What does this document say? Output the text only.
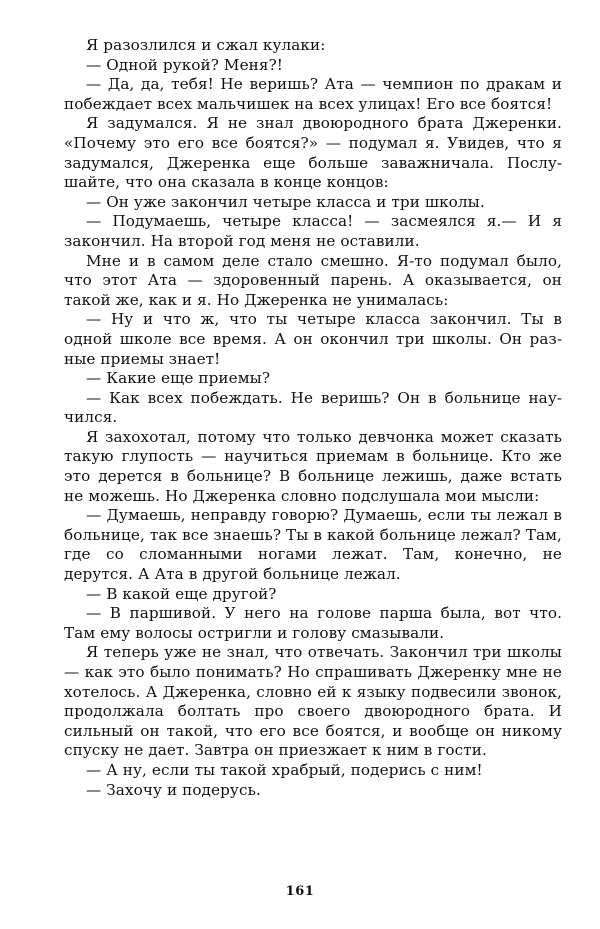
Я разозлился и сжал кулаки:

— Одной рукой? Меня?!

— Да, да, тебя! Не веришь? Ата — чемпион по дракам и побеждает всех мальчишек на всех улицах! Его все боятся!

Я задумался. Я не знал двоюродного брата Джеренки. «Почему это его все боятся?» — подумал я. Увидев, что я задумался, Джеренка еще больше заважничала. Послушайте, что она сказала в конце концов:

— Он уже закончил четыре класса и три школы.

— Подумаешь, четыре класса! — засмеялся я.— И я закончил. На второй год меня не оставили.

Мне и в самом деле стало смешно. Я-то подумал было, что этот Ата — здоровенный парень. А оказывается, он такой же, как и я. Но Джеренка не унималась:

— Ну и что ж, что ты четыре класса закончил. Ты в одной школе все время. А он окончил три школы. Он разные приемы знает!

— Какие еще приемы?

— Как всех побеждать. Не веришь? Он в больнице научился.

Я захохотал, потому что только девчонка может сказать такую глупость — научиться приемам в больнице. Кто же это дерется в больнице? В больнице лежишь, даже встать не можешь. Но Джеренка словно подслушала мои мысли:

— Думаешь, неправду говорю? Думаешь, если ты лежал в больнице, так все знаешь? Ты в какой больнице лежал? Там, где со сломанными ногами лежат. Там, конечно, не дерутся. А Ата в другой больнице лежал.

— В какой еще другой?

— В паршивой. У него на голове парша была, вот что. Там ему волосы остригли и голову смазывали.

Я теперь уже не знал, что отвечать. Закончил три школы — как это было понимать? Но спрашивать Джеренку мне не хотелось. А Джеренка, словно ей к языку подвесили звонок, продолжала болтать про своего двоюродного брата. И сильный он такой, что его все боятся, и вообще он никому спуску не дает. Завтра он приезжает к ним в гости.

— А ну, если ты такой храбрый, подерись с ним!

— Захочу и подерусь.

161
